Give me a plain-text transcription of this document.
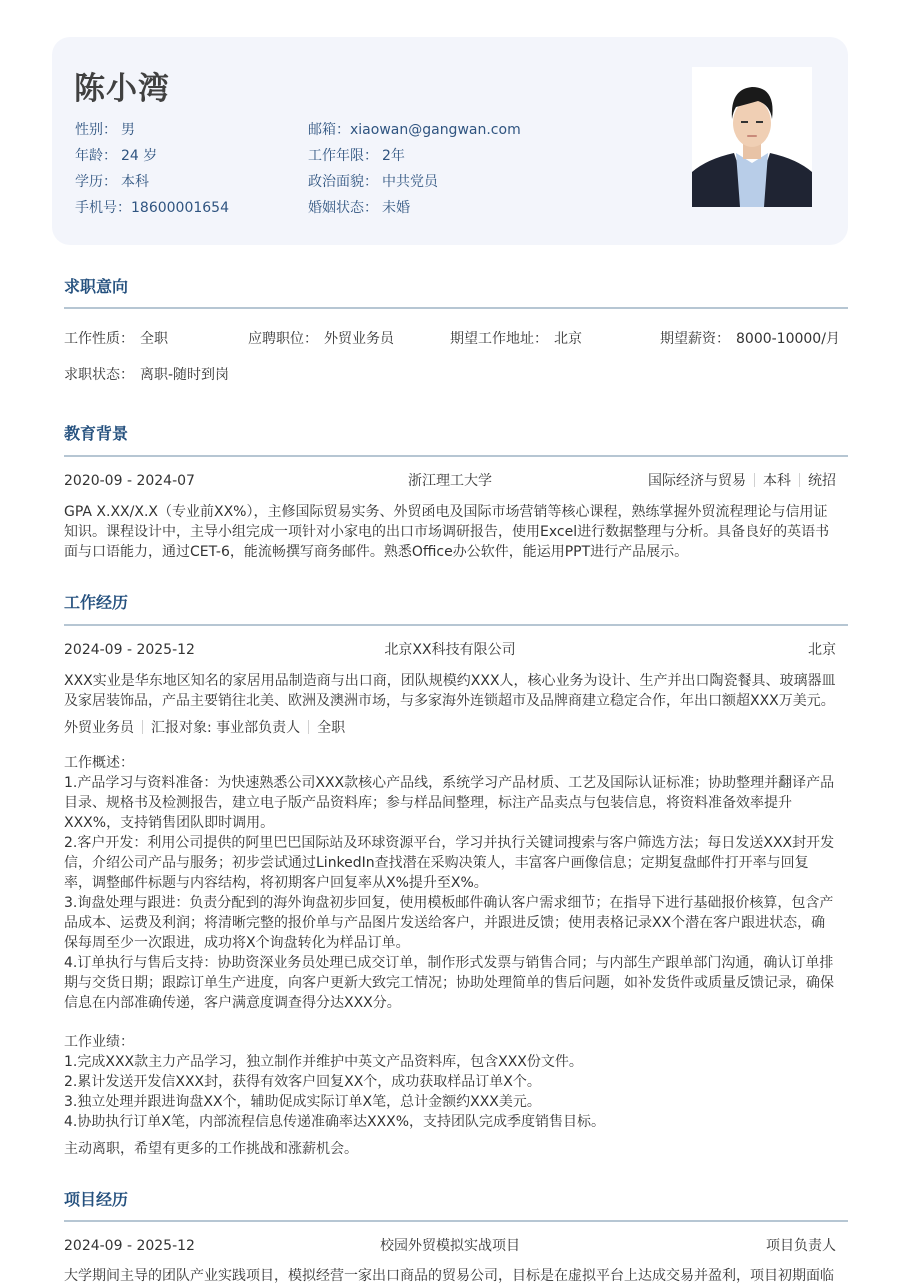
陈小湾
性别： 男
年龄： 24 岁
学历： 本科
手机号：18600001654
邮箱：xiaowan@gangwan.com
工作年限： 2年
政治面貌： 中共党员
婚姻状态： 未婚
求职意向
工作性质： 全职	应聘职位： 外贸业务员	期望工作地址： 北京	期望薪资： 8000-10000/月
求职状态： 离职-随时到岗
教育背景
2020-09 - 2024-07	浙江理工大学	国际经济与贸易 本科 统招
GPA X.XX/X.X（专业前XX%），主修国际贸易实务、外贸函电及国际市场营销等核心课程，熟练掌握外贸流程理论与信用证知识。课程设计中，主导小组完成一项针对小家电的出口市场调研报告，使用Excel进行数据整理与分析。具备良好的英语书面与口语能力，通过CET-6，能流畅撰写商务邮件。熟悉Office办公软件，能运用PPT进行产品展示。
工作经历
2024-09 - 2025-12	北京XX科技有限公司	北京
XXX实业是华东地区知名的家居用品制造商与出口商，团队规模约XXX人，核心业务为设计、生产并出口陶瓷餐具、玻璃器皿及家居装饰品，产品主要销往北美、欧洲及澳洲市场，与多家海外连锁超市及品牌商建立稳定合作，年出口额超XXX万美元。
外贸业务员 汇报对象: 事业部负责人 全职
工作概述：
1.产品学习与资料准备：为快速熟悉公司XXX款核心产品线，系统学习产品材质、工艺及国际认证标准；协助整理并翻译产品目录、规格书及检测报告，建立电子版产品资料库；参与样品间整理，标注产品卖点与包装信息，将资料准备效率提升XXX%，支持销售团队即时调用。
2.客户开发：利用公司提供的阿里巴巴国际站及环球资源平台，学习并执行关键词搜索与客户筛选方法；每日发送XXX封开发信，介绍公司产品与服务；初步尝试通过LinkedIn查找潜在采购决策人，丰富客户画像信息；定期复盘邮件打开率与回复率，调整邮件标题与内容结构，将初期客户回复率从X%提升至X%。
3.询盘处理与跟进：负责分配到的海外询盘初步回复，使用模板邮件确认客户需求细节；在指导下进行基础报价核算，包含产品成本、运费及利润；将清晰完整的报价单与产品图片发送给客户，并跟进反馈；使用表格记录XX个潜在客户跟进状态，确保每周至少一次跟进，成功将X个询盘转化为样品订单。
4.订单执行与售后支持：协助资深业务员处理已成交订单，制作形式发票与销售合同；与内部生产跟单部门沟通，确认订单排期与交货日期；跟踪订单生产进度，向客户更新大致完工情况；协助处理简单的售后问题，如补发货件或质量反馈记录，确保信息在内部准确传递，客户满意度调查得分达XXX分。
工作业绩：
1.完成XXX款主力产品学习，独立制作并维护中英文产品资料库，包含XXX份文件。
2.累计发送开发信XXX封，获得有效客户回复XX个，成功获取样品订单X个。
3.独立处理并跟进询盘XX个，辅助促成实际订单X笔，总计金额约XXX美元。
4.协助执行订单X笔，内部流程信息传递准确率达XXX%，支持团队完成季度销售目标。
主动离职，希望有更多的工作挑战和涨薪机会。
项目经历
2024-09 - 2025-12	校园外贸模拟实战项目	项目负责人
大学期间主导的团队产业实践项目，模拟经营一家出口商品的贸易公司，目标是在虚拟平台上达成交易并盈利，项目初期面临
